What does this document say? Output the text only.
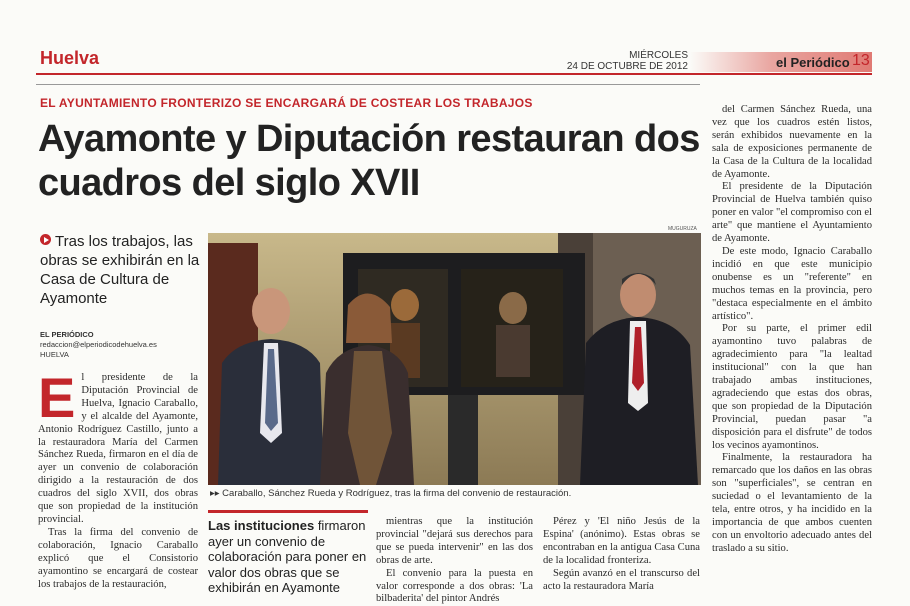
Huelva	MIÉRCOLES
24 DE OCTUBRE DE 2012	el Periódico 13
EL AYUNTAMIENTO FRONTERIZO SE ENCARGARÁ DE COSTEAR LOS TRABAJOS
Ayamonte y Diputación restauran dos cuadros del siglo XVII
Tras los trabajos, las obras se exhibirán en la Casa de Cultura de Ayamonte
EL PERIÓDICO
redaccion@elperiodicodehuelva.es
HUELVA

El presidente de la Diputación Provincial de Huelva, Ignacio Caraballo, y el alcalde del Ayamonte, Antonio Rodríguez Castillo, junto a la restauradora María del Carmen Sánchez Rueda, firmaron en el día de ayer un convenio de colaboración dirigido a la restauración de dos cuadros del siglo XVII, dos obras que son propiedad de la institución provincial.

Tras la firma del convenio de colaboración, Ignacio Caraballo explicó que el Consistorio ayamontino se encargará de costear los trabajos de la restauración,

MUGURUZA
▸▸ Caraballo, Sánchez Rueda y Rodríguez, tras la firma del convenio de restauración.
Las instituciones firmaron ayer un convenio de colaboración para poner en valor dos obras que se exhibirán en Ayamonte

mientras que la institución provincial "dejará sus derechos para que se pueda intervenir" en las dos obras de arte.

El convenio para la puesta en valor corresponde a dos obras: 'La bilbaderita' del pintor Andrés

Pérez y 'El niño Jesús de la Espina' (anónimo). Estas obras se encontraban en la antigua Casa Cuna de la localidad fronteriza.

Según avanzó en el transcurso del acto la restauradora María

del Carmen Sánchez Rueda, una vez que los cuadros estén listos, serán exhibidos nuevamente en la sala de exposiciones permanente de la Casa de la Cultura de la localidad de Ayamonte.

El presidente de la Diputación Provincial de Huelva también quiso poner en valor "el compromiso con el arte" que mantiene el Ayuntamiento de Ayamonte.

De este modo, Ignacio Caraballo incidió en que este municipio onubense es un "referente" en muchos temas en la provincia, pero "destaca especialmente en el ámbito artístico".

Por su parte, el primer edil ayamontino tuvo palabras de agradecimiento para "la lealtad institucional" con la que han trabajado ambas instituciones, agradeciendo que estas dos obras, que son propiedad de la Diputación Provincial, puedan pasar "a disposición para el disfrute" de todos los vecinos ayamontinos.

Finalmente, la restauradora ha remarcado que los daños en las obras son "superficiales", se centran en suciedad o el levantamiento de la tela, entre otros, y ha incidido en la importancia de que ambos cuenten con un envoltorio adecuado antes del traslado a su sitio.
